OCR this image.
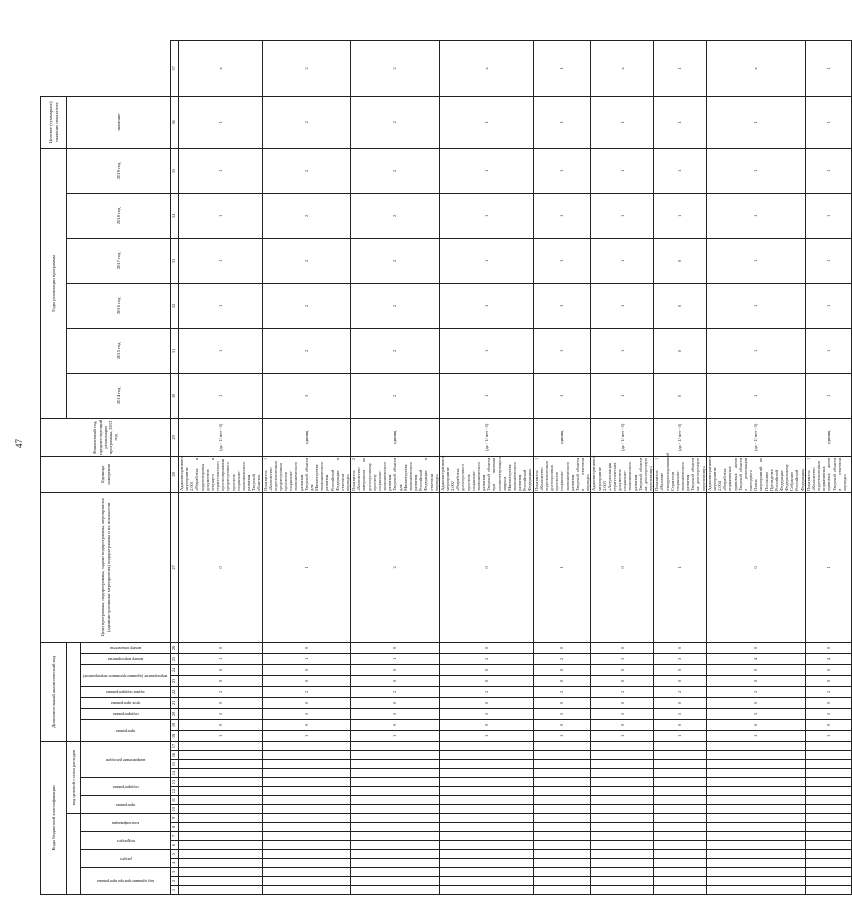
47
Коды бюджетной классификации																	Дополнительный аналитический код									Цели программы, подпрограммы, задачи подпрограммы, мероприятия (административные мероприятия) подпрограммы и их показатели	Единица измерения	Финансовый год, предшествующий реализации программы, 2013 год	Годы реализации программы						Целевое (суммарное) значение показателя	
									код целевой статьи расходов																				2014 год	2015 год	2016 год	2017 год	2018 год	2019 год	значение	

код администратора программы			раздел		подраздел		классификация		программа		подпрограмма		направление расходов				программа		подпрограмма	цель программы	задача подпрограммы	мероприятие (административное мероприятие)		номер мероприятия	номер показателя											

1	2	3	4	5	6	7	8	9	10	11	12	13	14	15	16	17	18	19	20	21	22	23	24	25	26	27	28	29	30	31	32	33	34	35	36	37
																	1	0	5	0	2	0	0	1	0	0	Административное мероприятие 2.001 «Разработка и корректировка документов текущего и стратегического прогнозирования среднесрочного прогноза социально-экономического развития Тверской области»	(да - 1/ нет - 0)	1	1	1	1	1	1	1	x
																	1	0	5	0	2	0	0	1	0	1	Показатель 1 «Количество подготовленных среднесрочных прогнозов социально-экономического развития Тверской области для Министерства экономического развития Российской Федерации в отчетном периоде»	единиц	3	2	2	2	2	2	2	2
																	1	0	5	0	2	0	0	1	0	2	Показатель 2 «Количество материалов по долгосрочному прогнозу социально-экономического развития Тверской области для Министерства экономического развития Российской Федерации в отчетном периоде»	единиц	2	2	2	2	2	2	2	2
																	1	0	5	0	2	0	0	2	0	0	Административное мероприятие 2.002 «Разработка долгосрочного прогноза социально-экономического развития Тверской области при наличии соответствующего запроса Министерства экономического развития Российской Федерации»	(да - 1/ нет - 0)	1	1	1	1	1	1	1	x
																	1	0	5	0	2	0	0	2	0	1	Показатель 1 «Количество подготовленных долгосрочных прогнозов социально-экономического развития Тверской области в отчетном периоде»	единиц	1	1	1	1	1	1	1	1
																	1	0	5	0	2	0	0	3	0	0	Административное мероприятие 2.003 «Актуализация стратегических документов социально-экономического развития Тверской области на долгосрочную перспективу»	(да - 1/ нет - 0)	1	1	1	1	1	1	1	x
																	1	0	5	0	2	0	0	3	0	1	Показатель 1 «Наличие откорректированной Стратегии социально-экономического развития Тверской области на долгосрочную перспективу»	(да - 1/ нет - 0)	0	0	0	0	1	1	1	1
																	1	0	5	0	2	0	0	4	0	0	Административное мероприятие 2.004 «Разработка нормативных правовых актов Тверской области о реализации ежегодного Плана мероприятий по Посланию Президента Российской Федерации Федеральному Собранию Российской Федерации»	(да - 1/ нет - 0)	1	1	1	1	1	1	1	x
																	1	0	5	0	2	0	0	4	0	1	Показатель 1 «Количество подготовленных нормативных правовых актов Тверской области в отчетном периоде»	единиц	1	1	1	1	1	1	1	1
